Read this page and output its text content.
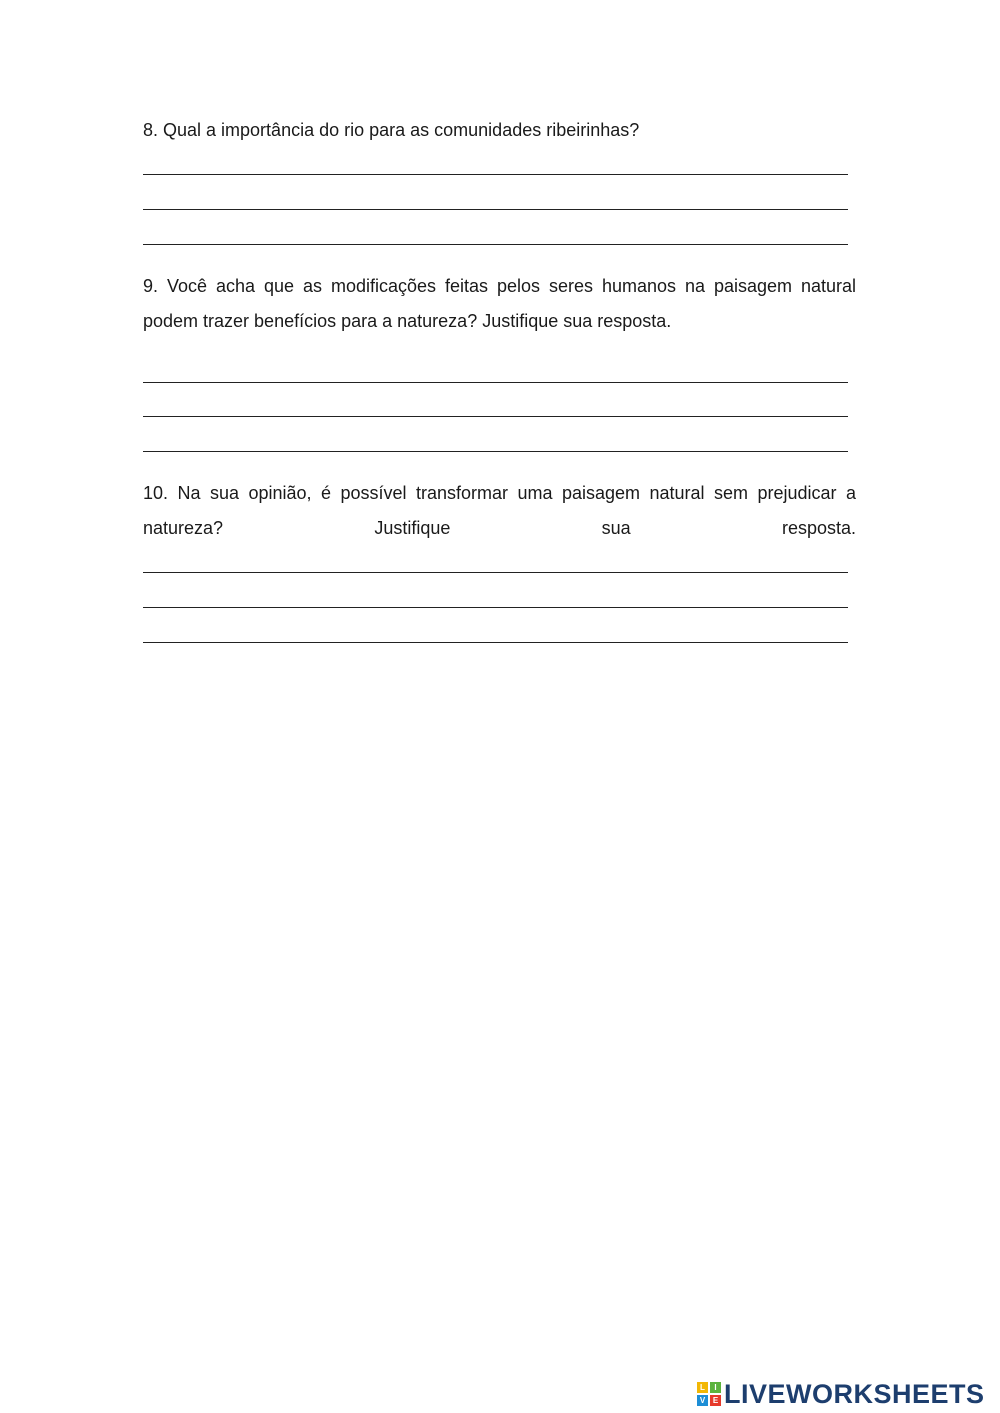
8. Qual a importância do rio para as comunidades ribeirinhas?

9. Você acha que as modificações feitas pelos seres humanos na paisagem natural podem trazer benefícios para a natureza? Justifique sua resposta.

10. Na sua opinião, é possível transformar uma paisagem natural sem prejudicar a natureza? Justifique sua resposta.

L	I
V E LIVEWORKSHEETS
